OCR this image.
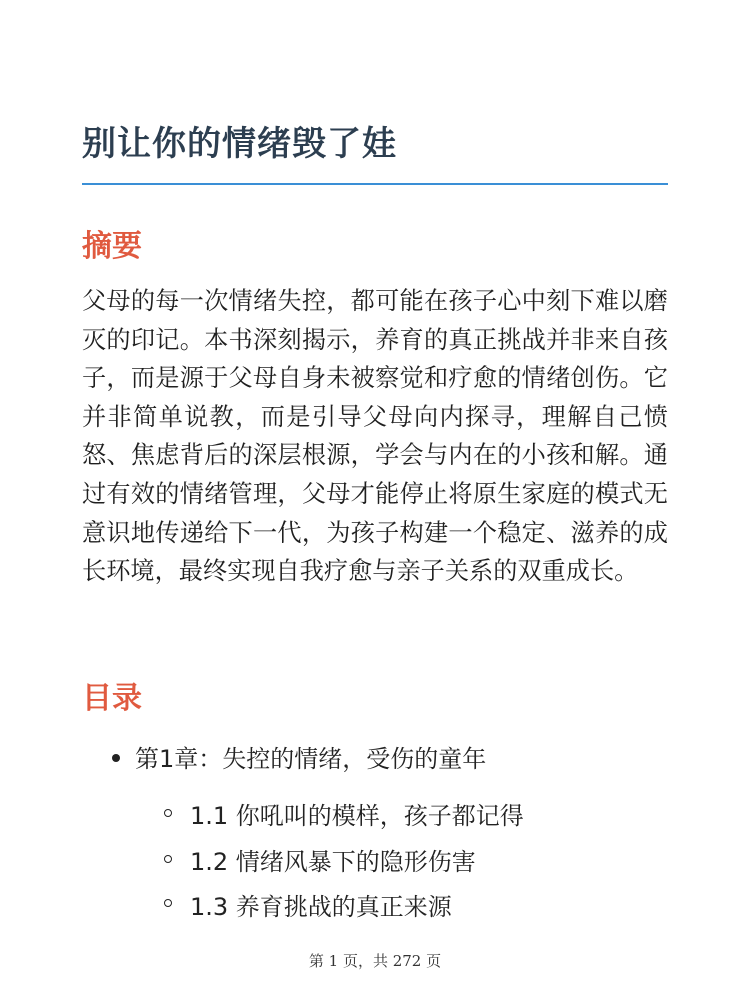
别让你的情绪毁了娃
摘要

父母的每一次情绪失控，都可能在孩子心中刻下难以磨灭的印记。本书深刻揭示，养育的真正挑战并非来自孩子，而是源于父母自身未被察觉和疗愈的情绪创伤。它并非简单说教，而是引导父母向内探寻，理解自己愤怒、焦虑背后的深层根源，学会与内在的小孩和解。通过有效的情绪管理，父母才能停止将原生家庭的模式无意识地传递给下一代，为孩子构建一个稳定、滋养的成长环境，最终实现自我疗愈与亲子关系的双重成长。

目录
第1章：失控的情绪，受伤的童年
1.1 你吼叫的模样，孩子都记得
1.2 情绪风暴下的隐形伤害
1.3 养育挑战的真正来源
第 1 页，共 272 页
